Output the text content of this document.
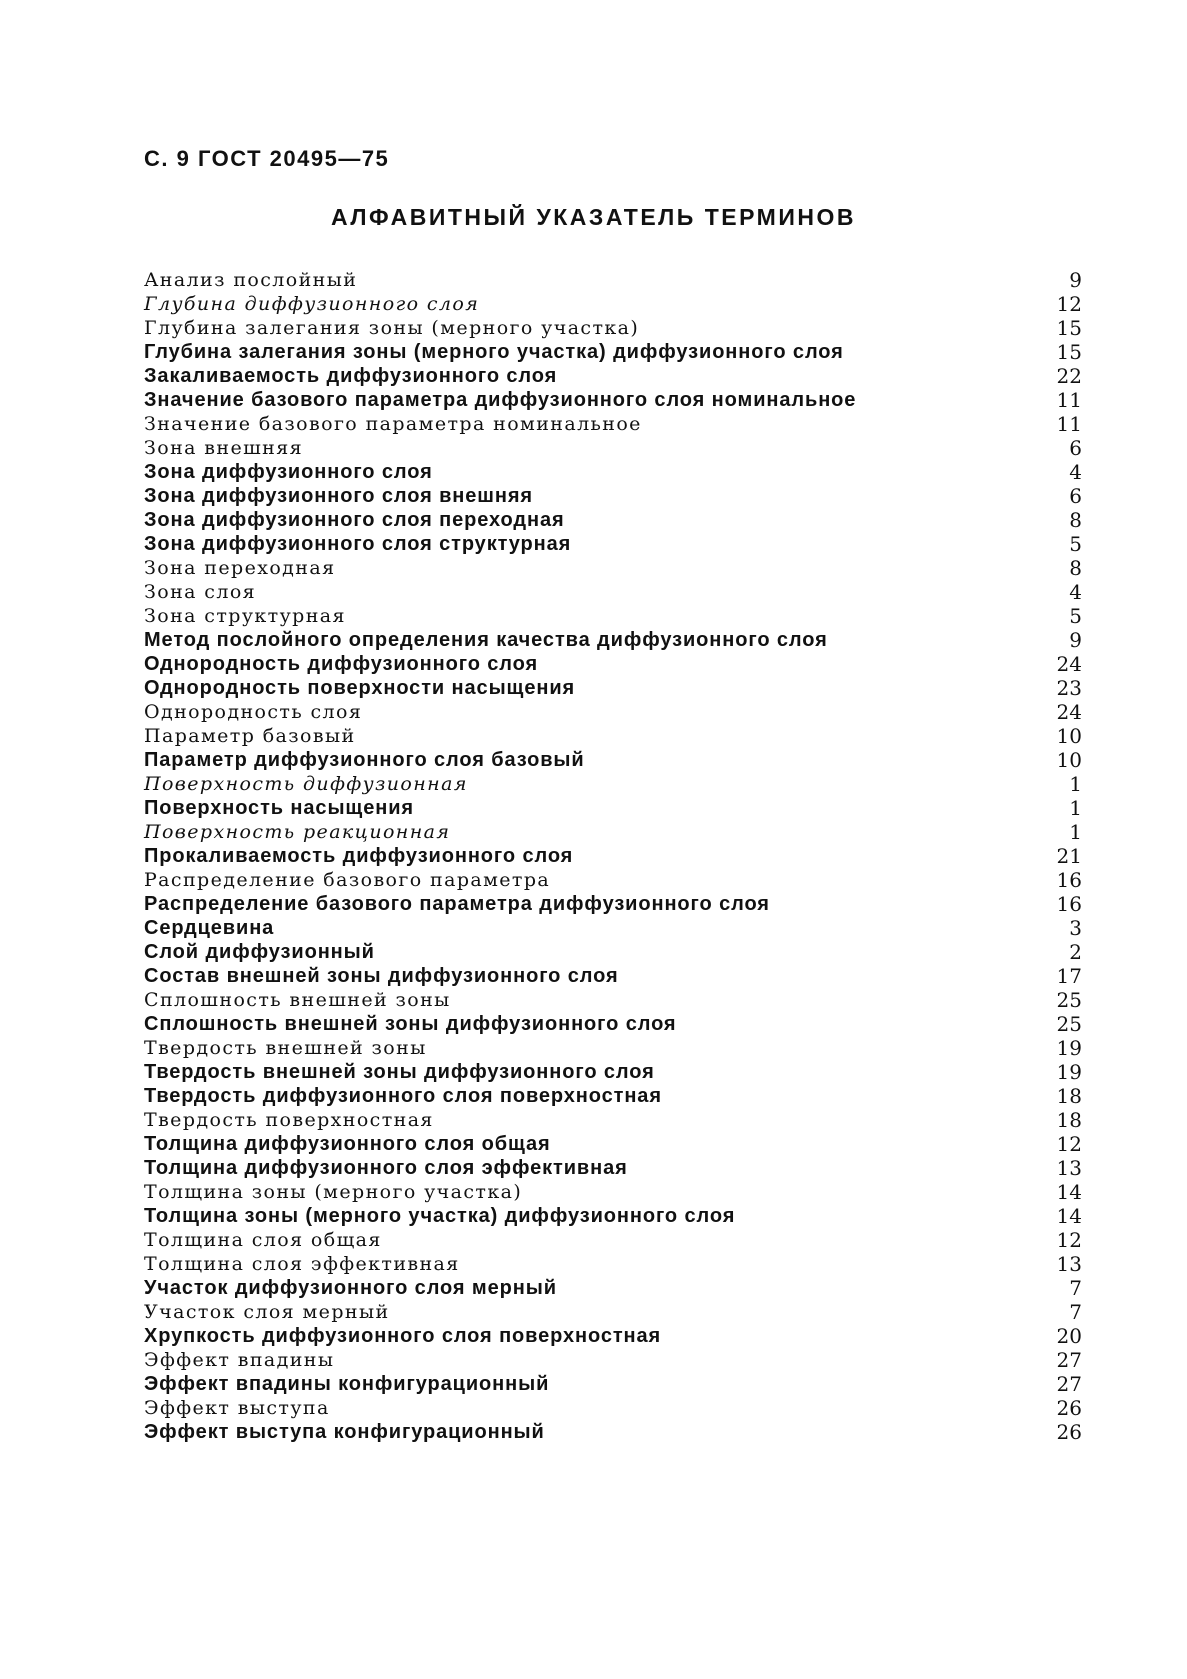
С. 9 ГОСТ 20495—75
АЛФАВИТНЫЙ УКАЗАТЕЛЬ ТЕРМИНОВ
Анализ послойный	9
Глубина диффузионного слоя	12
Глубина залегания зоны (мерного участка)	15
Глубина залегания зоны (мерного участка) диффузионного слоя	15
Закаливаемость диффузионного слоя	22
Значение базового параметра диффузионного слоя номинальное	11
Значение базового параметра номинальное	11
Зона внешняя	6
Зона диффузионного слоя	4
Зона диффузионного слоя внешняя	6
Зона диффузионного слоя переходная	8
Зона диффузионного слоя структурная	5
Зона переходная	8
Зона слоя	4
Зона структурная	5
Метод послойного определения качества диффузионного слоя	9
Однородность диффузионного слоя	24
Однородность поверхности насыщения	23
Однородность слоя	24
Параметр базовый	10
Параметр диффузионного слоя базовый	10
Поверхность диффузионная	1
Поверхность насыщения	1
Поверхность реакционная	1
Прокаливаемость диффузионного слоя	21
Распределение базового параметра	16
Распределение базового параметра диффузионного слоя	16
Сердцевина	3
Слой диффузионный	2
Состав внешней зоны диффузионного слоя	17
Сплошность внешней зоны	25
Сплошность внешней зоны диффузионного слоя	25
Твердость внешней зоны	19
Твердость внешней зоны диффузионного слоя	19
Твердость диффузионного слоя поверхностная	18
Твердость поверхностная	18
Толщина диффузионного слоя общая	12
Толщина диффузионного слоя эффективная	13
Толщина зоны (мерного участка)	14
Толщина зоны (мерного участка) диффузионного слоя	14
Толщина слоя общая	12
Толщина слоя эффективная	13
Участок диффузионного слоя мерный	7
Участок слоя мерный	7
Хрупкость диффузионного слоя поверхностная	20
Эффект впадины	27
Эффект впадины конфигурационный	27
Эффект выступа	26
Эффект выступа конфигурационный	26
